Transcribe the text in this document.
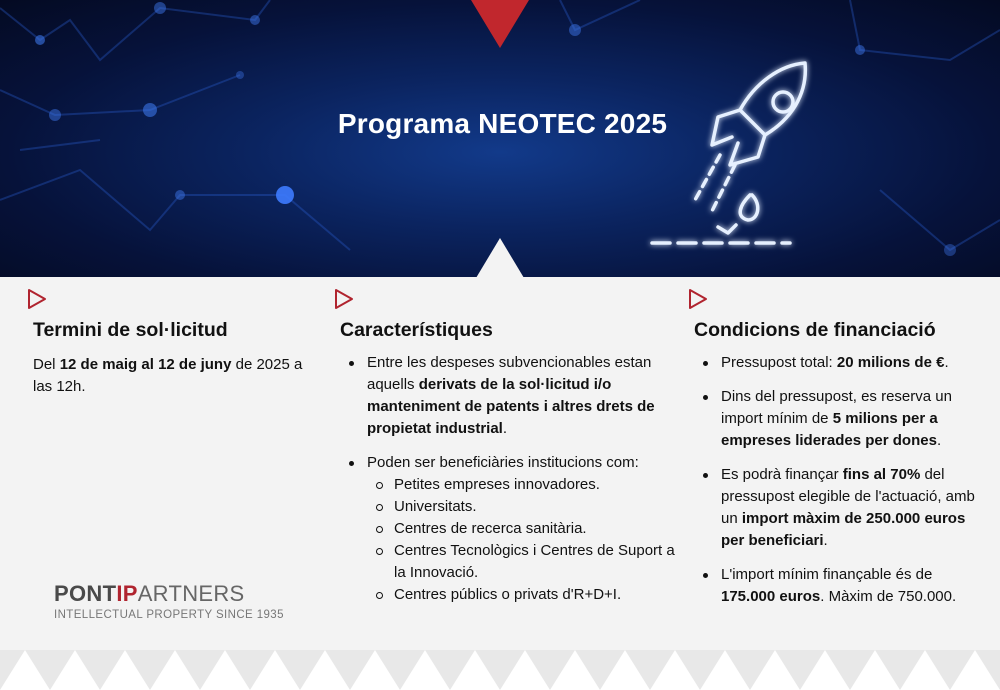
Programa NEOTEC 2025
Termini de sol·licitud

Del 12 de maig al 12 de juny de 2025 a las 12h.

Característiques
Entre les despeses subvencionables estan aquells derivats de la sol·licitud i/o manteniment de patents i altres drets de propietat industrial.
Poden ser beneficiàries institucions com:
Petites empreses innovadores.
Universitats.
Centres de recerca sanitària.
Centres Tecnològics i Centres de Suport a la Innovació.
Centres públics o privats d'R+D+I.
Condicions de financiació
Pressupost total: 20 milions de €.
Dins del pressupost, es reserva un import mínim de 5 milions per a empreses liderades per dones.
Es podrà finançar fins al 70% del pressupost elegible de l'actuació, amb un import màxim de 250.000 euros per beneficiari.
L'import mínim finançable és de 175.000 euros. Màxim de 750.000.
PONTIPARTNERS
INTELLECTUAL PROPERTY SINCE 1935
